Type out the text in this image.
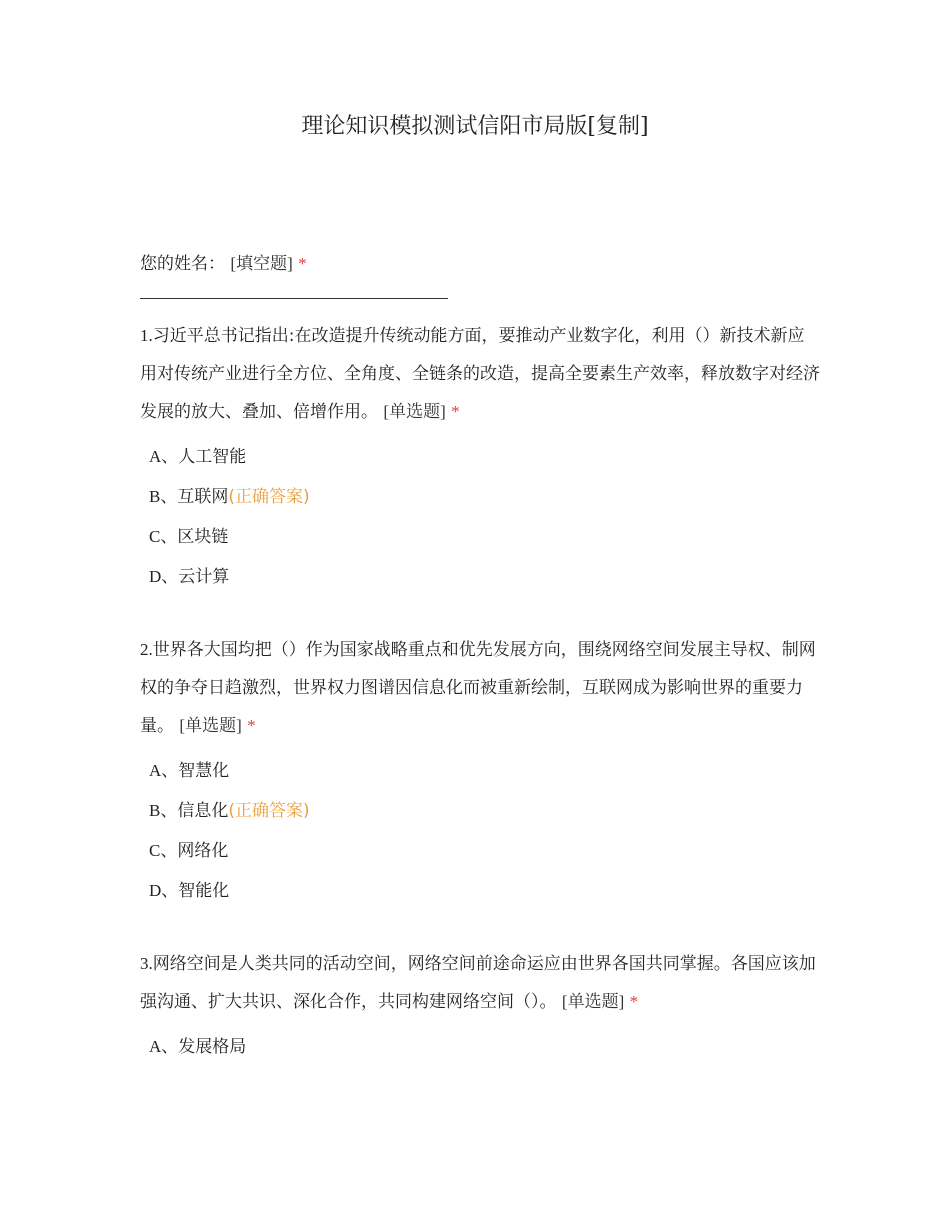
理论知识模拟测试信阳市局版[复制]
您的姓名： [填空题] *

1.习近平总书记指出:在改造提升传统动能方面，要推动产业数字化，利用（）新技术新应用对传统产业进行全方位、全角度、全链条的改造，提高全要素生产效率，释放数字对经济发展的放大、叠加、倍增作用。 [单选题] *

A、人工智能
B、互联网(正确答案)
C、区块链
D、云计算

2.世界各大国均把（）作为国家战略重点和优先发展方向，围绕网络空间发展主导权、制网权的争夺日趋激烈，世界权力图谱因信息化而被重新绘制，互联网成为影响世界的重要力量。 [单选题] *

A、智慧化
B、信息化(正确答案)
C、网络化
D、智能化

3.网络空间是人类共同的活动空间，网络空间前途命运应由世界各国共同掌握。各国应该加强沟通、扩大共识、深化合作，共同构建网络空间（）。 [单选题] *

A、发展格局
